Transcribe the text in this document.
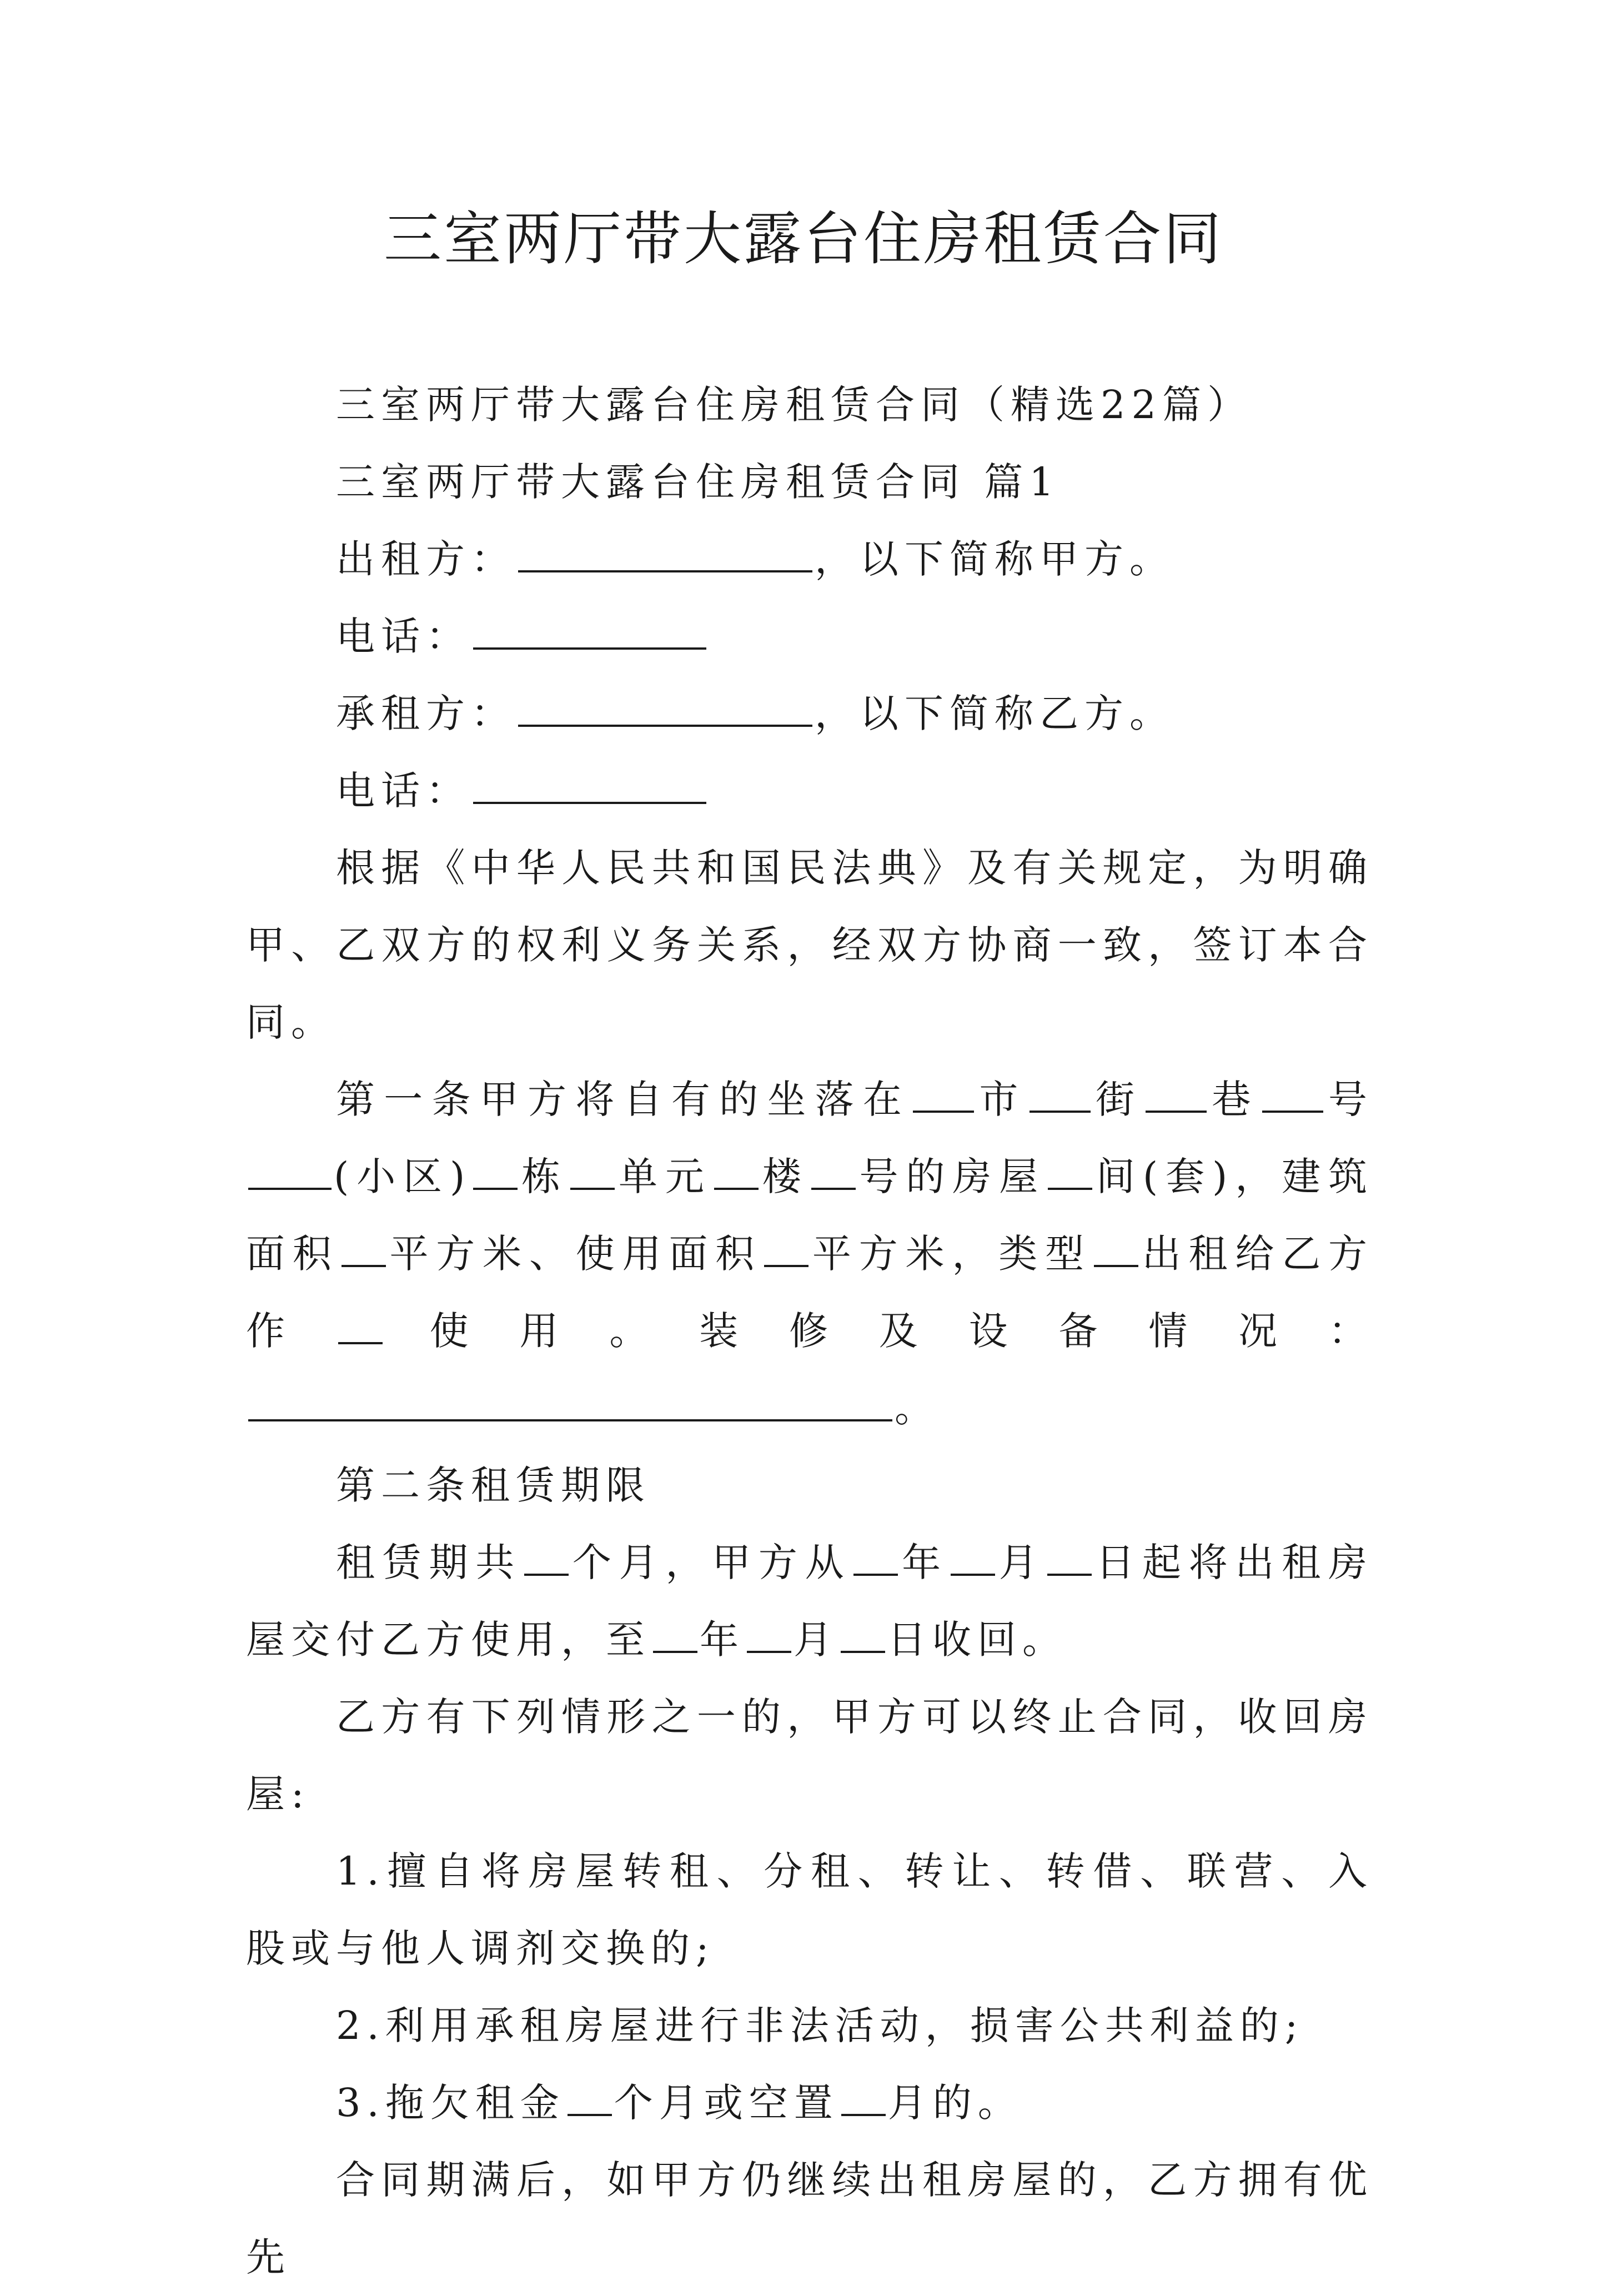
三室两厅带大露台住房租赁合同

三室两厅带大露台住房租赁合同（精选22篇）

三室两厅带大露台住房租赁合同 篇1

出租方：	，以下简称甲方。

电话：

承租方：	，以下简称乙方。

电话：

根据《中华人民共和国民法典》及有关规定，为明确甲、乙双方的权利义务关系，经双方协商一致，签订本合同。

第一条甲方将自有的坐落在 市 街 巷 号(小区) 栋 单元 楼 号的房屋 间(套)，建筑面积 平方米、使用面积 平方米，类型 出租给乙方作 使用。装修及设备情况：。

第二条租赁期限

租赁期共 个月，甲方从 年 月 日起将出租房屋交付乙方使用，至 年 月 日收回。

乙方有下列情形之一的，甲方可以终止合同，收回房屋:

1.擅自将房屋转租、分租、转让、转借、联营、入股或与他人调剂交换的;

2.利用承租房屋进行非法活动，损害公共利益的;

3.拖欠租金 个月或空置 月的。

合同期满后，如甲方仍继续出租房屋的，乙方拥有优先
